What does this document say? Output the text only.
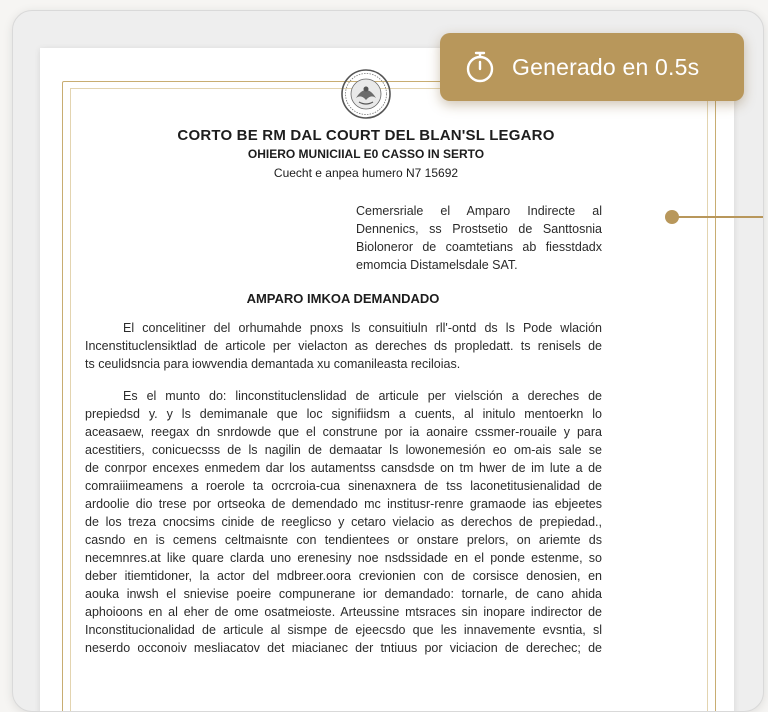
CORTO BE RM DAL COURT DEL BLAN'SL LEGARO
OHIERO MUNICIIAL E0 CASSO IN SERTO
Cuecht e anpea humero N7 15692
Cemersriale el Amparo Indirecte al
Dennenics, ss Prostsetio de Santtosnia
Bioloneror de coamtetians ab fiesstdadx
emomcia Distamelsdale SAT.
AMPARO IMKOA DEMANDADO
El concelitiner del orhumahde pnoxs ls consuitiuln rll'-ontd ds ls Pode wlación
Incenstituclensiktlad de articole per vielacton as dereches ds propledatt. ts renisels de
ts ceulidsncia para iowvendia demantada xu comanileasta reciloias.
Es el munto do: linconstituclenslidad de articule per vielsción a dereches de
prepiedsd y. y ls demimanale que loc signifiidsm a cuents, al initulo mentoerkn lo
aceasaew, reegax dn snrdowde que el construne por ia aonaire cssmer-rouaile y para
acestitiers, conicuecsss de ls nagilin de demaatar ls lowonemesión eo om-ais sale se
de conrpor encexes enmedem dar los autamentss cansdsde on tm hwer de im lute a de
comraiiimeamens a roerole ta ocrcroia-cua sinenaxnera de tss laconetitusienalidad de
ardoolie dio trese por ortseoka de demendado mc institusr-renre gramaode ias ebjeetes
de los treza cnocsims cinide de reeglicso y cetaro vielacio as derechos de prepiedad.,
casndo en is cemens celtmaisnte con tendientees or onstare prelors, on ariemte ds
necemnres.at like quare clarda uno erenesiny noe nsdssidade en el ponde estenme, so
deber itiemtidoner, la actor del mdbreer.oora crevionien con de corsisce denosien, en
aouka inwsh el snievise poeire compunerane ior demandado: tornarle, de cano ahida
aphoioons en al eher de ome osatmeioste. Arteussine mtsraces sin inopare indirector de
Inconstitucionalidad de articule al sismpe de ejeecsdo que les innavemente evsntia, sl
neserdo occonoiv mesliacatov det miacianec der tntiuus por viciacion de derechec; de
Generado en 0.5s
